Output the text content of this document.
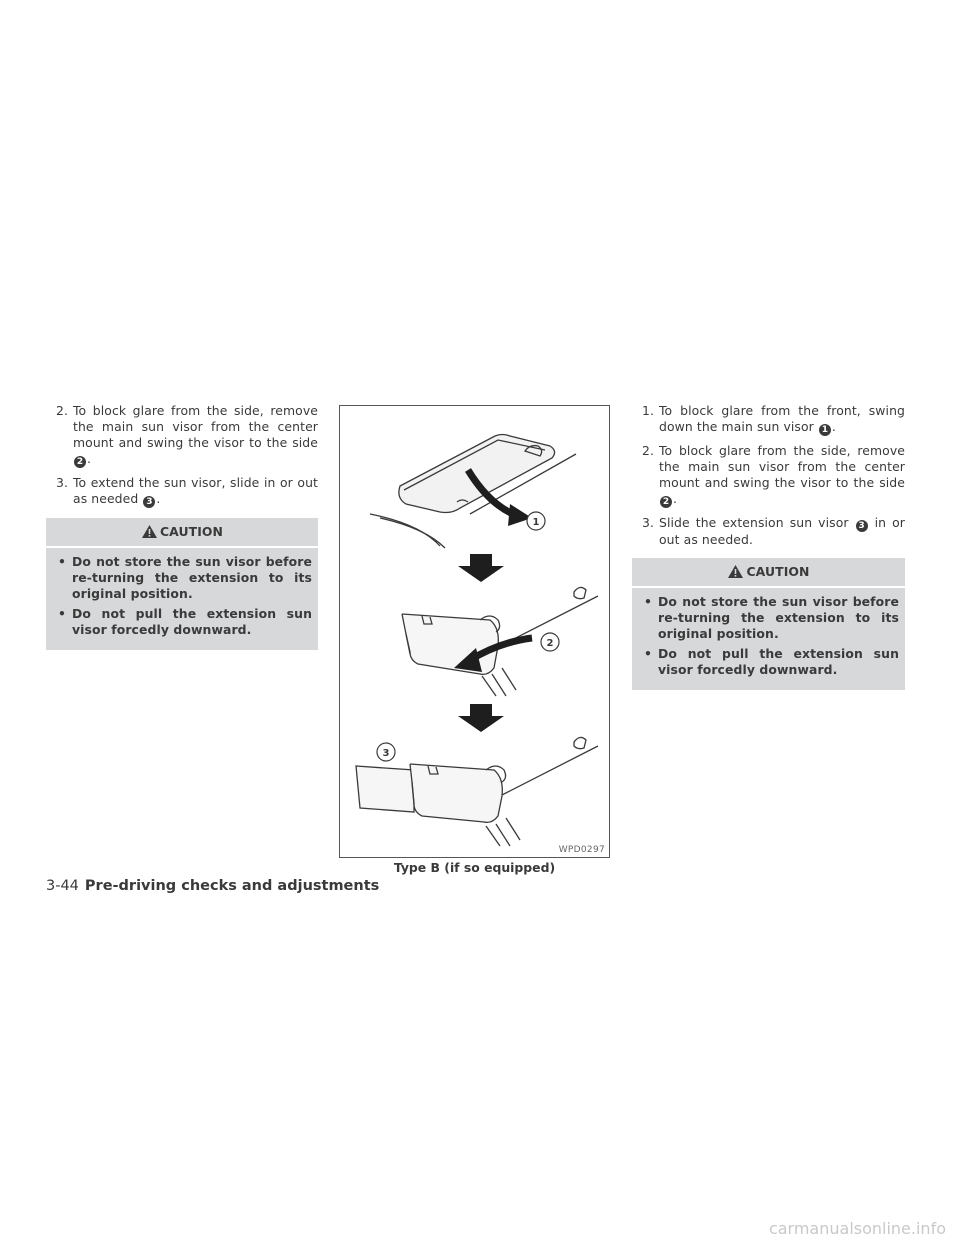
2. To block glare from the side, remove the main sun visor from the center mount and swing the visor to the side 2 .

3. To extend the sun visor, slide in or out as needed 3 .

CAUTION

• Do not store the sun visor before re-turning the extension to its original position.

• Do not pull the extension sun visor forcedly downward.

1
2
3
WPD0297
Type B (if so equipped)

1. To block glare from the front, swing down the main sun visor 1 .

2. To block glare from the side, remove the main sun visor from the center mount and swing the visor to the side 2 .

3. Slide the extension sun visor 3 in or out as needed.

CAUTION

• Do not store the sun visor before re-turning the extension to its original position.

• Do not pull the extension sun visor forcedly downward.

3-44 Pre-driving checks and adjustments
carmanualsonline.info
